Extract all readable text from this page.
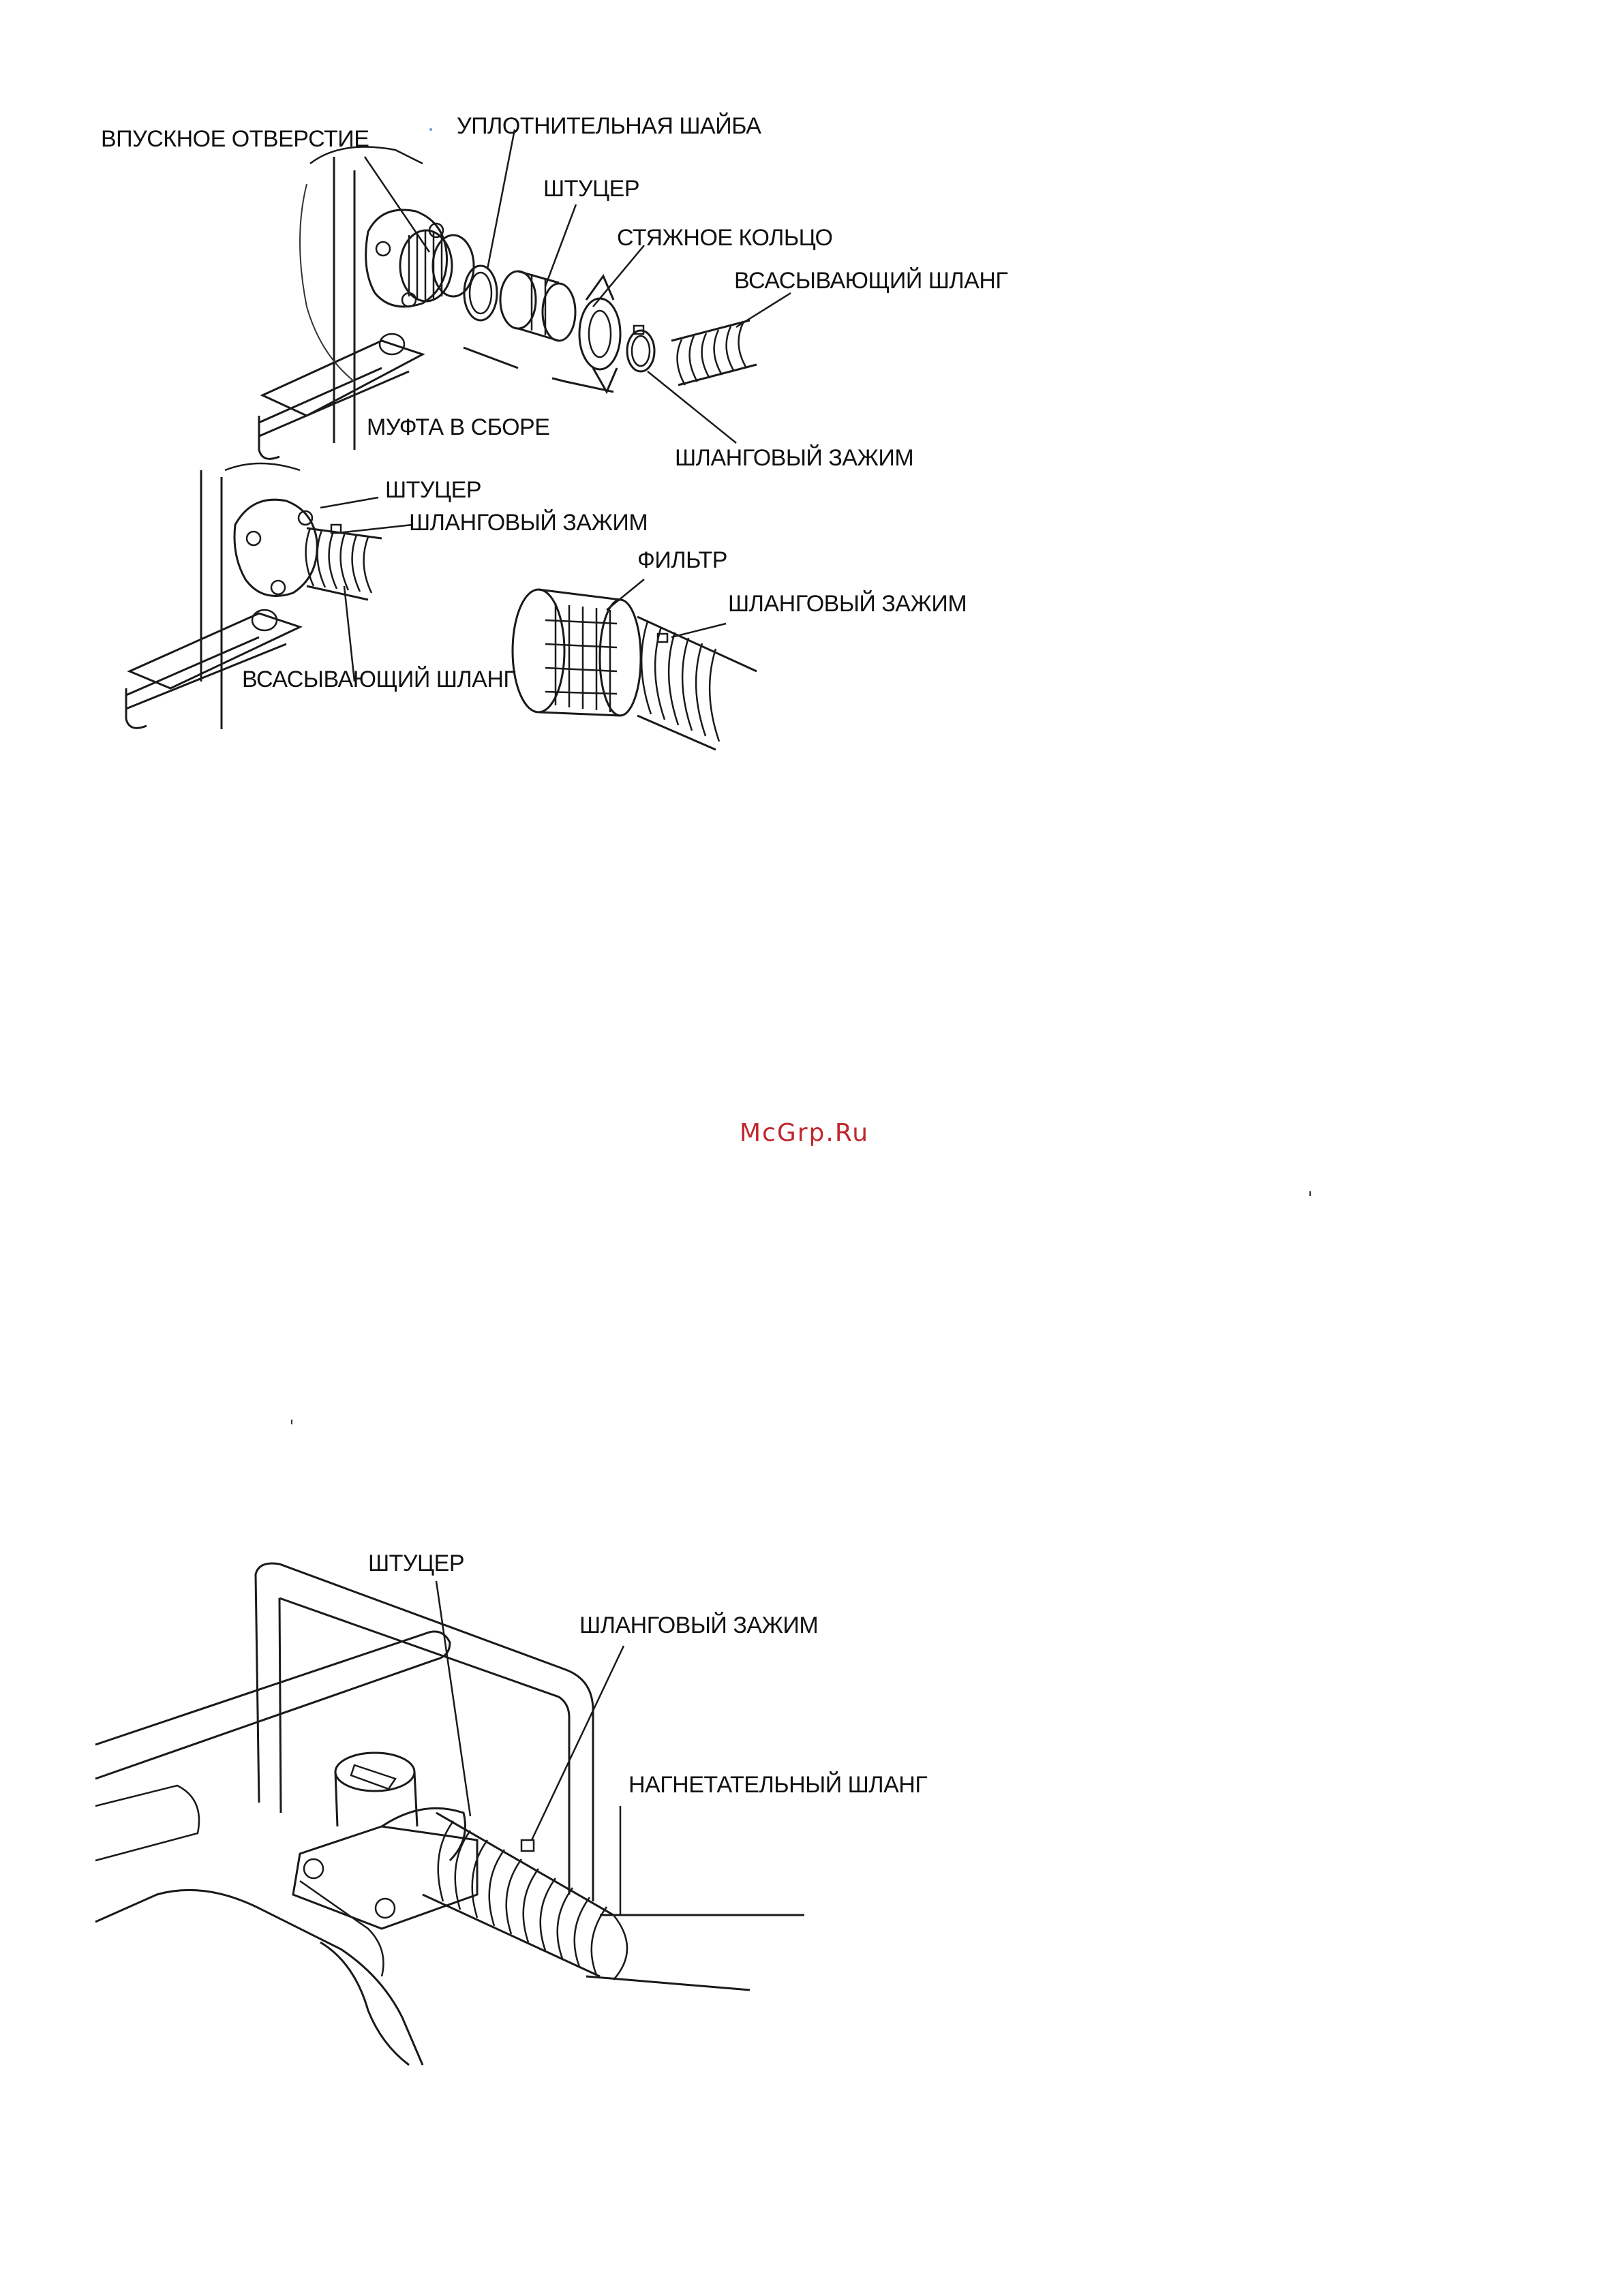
ВПУСКНОЕ ОТВЕРСТИЕ	УПЛОТНИТЕЛЬНАЯ ШАЙБА
ШТУЦЕР
СТЯЖНОЕ КОЛЬЦО
ВСАСЫВАЮЩИЙ ШЛАНГ
МУФТА В СБОРЕ
ШЛАНГОВЫЙ ЗАЖИМ
ШТУЦЕР
ШЛАНГОВЫЙ ЗАЖИМ
ФИЛЬТР
ШЛАНГОВЫЙ ЗАЖИМ
ВСАСЫВАЮЩИЙ ШЛАНГ
McGrp.Ru
ШТУЦЕР
ШЛАНГОВЫЙ ЗАЖИМ
НАГНЕТАТЕЛЬНЫЙ ШЛАНГ
